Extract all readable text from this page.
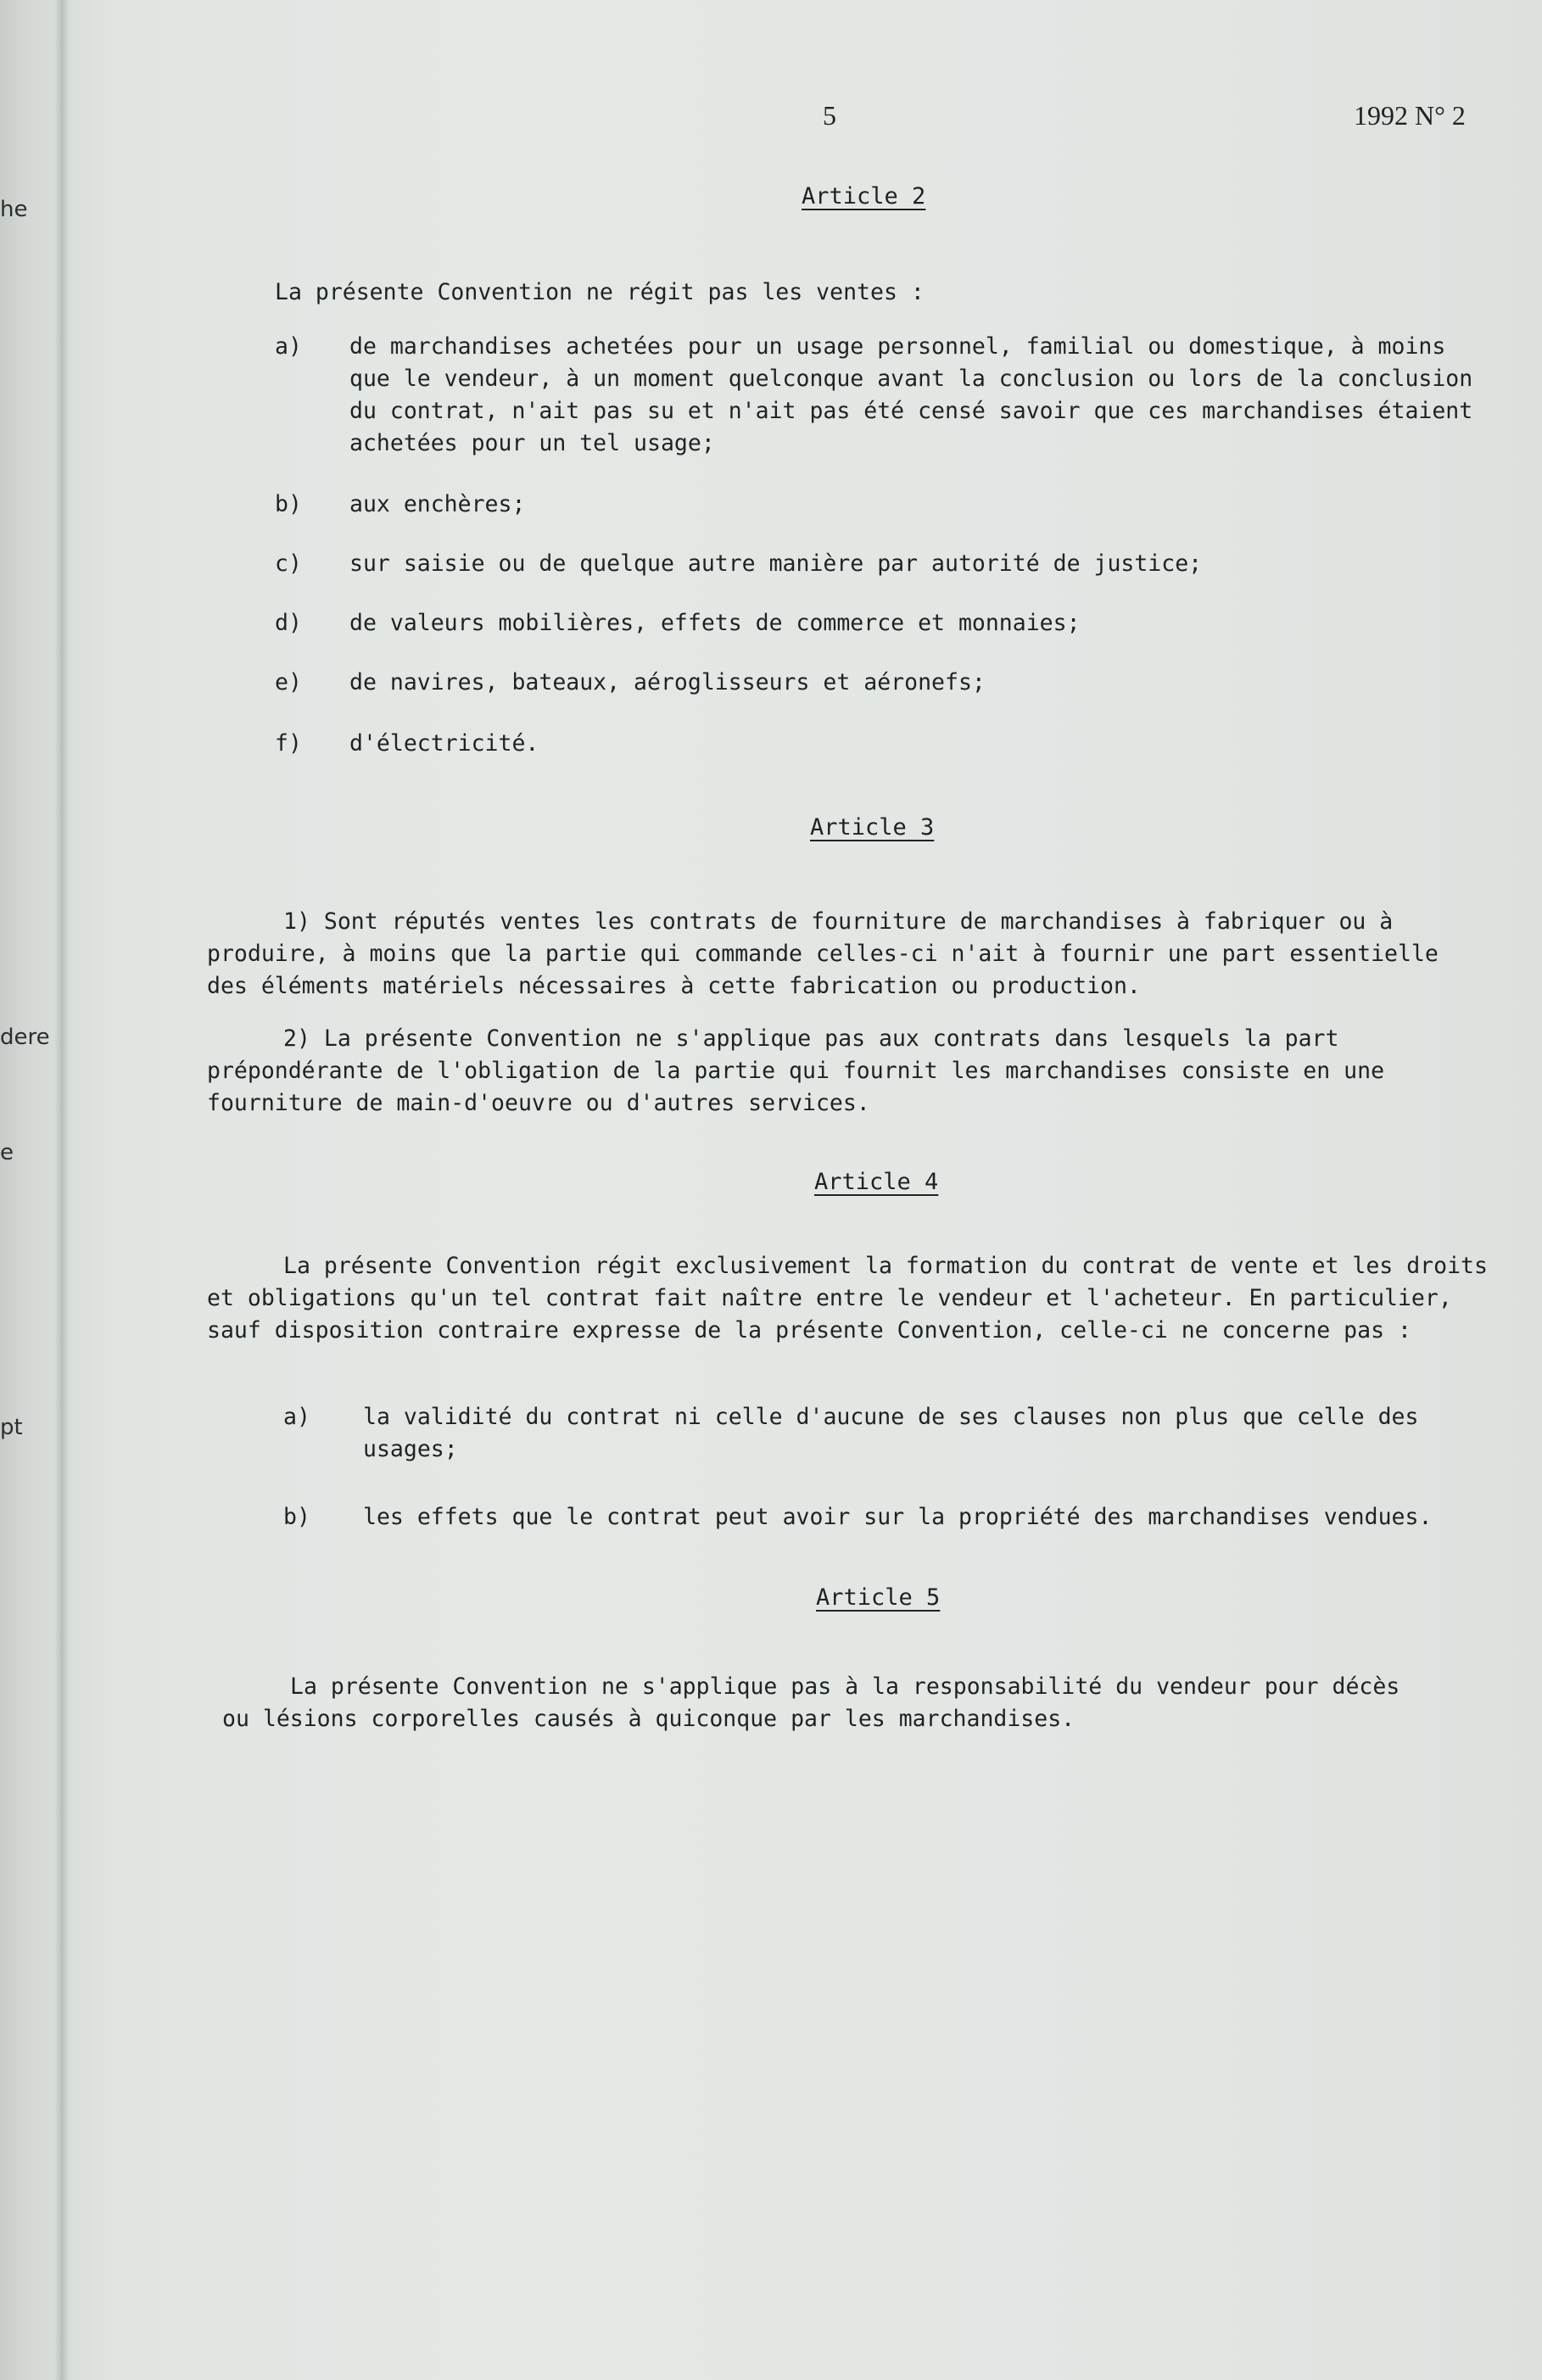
he
dere
e
pt

5	1992 N° 2
Article 2
La présente Convention ne régit pas les ventes :
a) de marchandises achetées pour un usage personnel, familial ou domestique, à moins que le vendeur, à un moment quelconque avant la conclusion ou lors de la conclusion du contrat, n'ait pas su et n'ait pas été censé savoir que ces marchandises étaient achetées pour un tel usage;
b) aux enchères;
c) sur saisie ou de quelque autre manière par autorité de justice;
d) de valeurs mobilières, effets de commerce et monnaies;
e) de navires, bateaux, aéroglisseurs et aéronefs;
f) d'électricité.
Article 3
1) Sont réputés ventes les contrats de fourniture de marchandises à fabriquer ou à produire, à moins que la partie qui commande celles-ci n'ait à fournir une part essentielle des éléments matériels nécessaires à cette fabrication ou production.
2) La présente Convention ne s'applique pas aux contrats dans lesquels la part prépondérante de l'obligation de la partie qui fournit les marchandises consiste en une fourniture de main-d'oeuvre ou d'autres services.
Article 4
La présente Convention régit exclusivement la formation du contrat de vente et les droits et obligations qu'un tel contrat fait naître entre le vendeur et l'acheteur. En particulier, sauf disposition contraire expresse de la présente Convention, celle-ci ne concerne pas :
a) la validité du contrat ni celle d'aucune de ses clauses non plus que celle des usages;
b) les effets que le contrat peut avoir sur la propriété des marchandises vendues.
Article 5
La présente Convention ne s'applique pas à la responsabilité du vendeur pour décès ou lésions corporelles causés à quiconque par les marchandises.
